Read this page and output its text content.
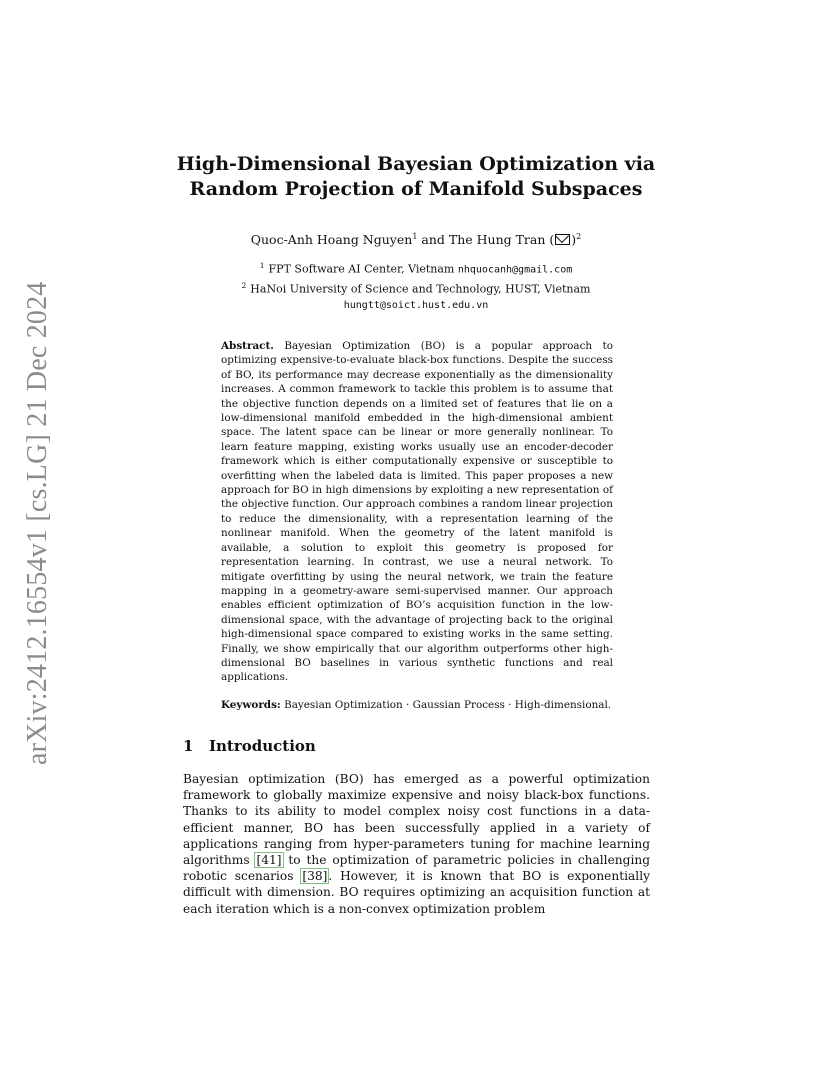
arXiv:2412.16554v1 [cs.LG] 21 Dec 2024
High-Dimensional Bayesian Optimization via
Random Projection of Manifold Subspaces
Quoc-Anh Hoang Nguyen$^1$ and The Hung Tran ( )$^2$
$^1$ FPT Software AI Center, Vietnam nhquocanh@gmail.com
$^2$ HaNoi University of Science and Technology, HUST, Vietnam
hungtt@soict.hust.edu.vn
Abstract. Bayesian Optimization (BO) is a popular approach to optimizing expensive-to-evaluate black-box functions. Despite the success of BO, its performance may decrease exponentially as the dimensionality increases. A common framework to tackle this problem is to assume that the objective function depends on a limited set of features that lie on a low-dimensional manifold embedded in the high-dimensional ambient space. The latent space can be linear or more generally nonlinear. To learn feature mapping, existing works usually use an encoder-decoder framework which is either computationally expensive or susceptible to overfitting when the labeled data is limited. This paper proposes a new approach for BO in high dimensions by exploiting a new representation of the objective function. Our approach combines a random linear projection to reduce the dimensionality, with a representation learning of the nonlinear manifold. When the geometry of the latent manifold is available, a solution to exploit this geometry is proposed for representation learning. In contrast, we use a neural network. To mitigate overfitting by using the neural network, we train the feature mapping in a geometry-aware semi-supervised manner. Our approach enables efficient optimization of BO’s acquisition function in the low-dimensional space, with the advantage of projecting back to the original high-dimensional space compared to existing works in the same setting. Finally, we show empirically that our algorithm outperforms other high-dimensional BO baselines in various synthetic functions and real applications.
Keywords: Bayesian Optimization · Gaussian Process · High-dimensional.
1 Introduction
Bayesian optimization (BO) has emerged as a powerful optimization framework to globally maximize expensive and noisy black-box functions. Thanks to its ability to model complex noisy cost functions in a data-efficient manner, BO has been successfully applied in a variety of applications ranging from hyper-parameters tuning for machine learning algorithms [41] to the optimization of parametric policies in challenging robotic scenarios [38]. However, it is known that BO is exponentially difficult with dimension. BO requires optimizing an acquisition function at each iteration which is a non-convex optimization problem
